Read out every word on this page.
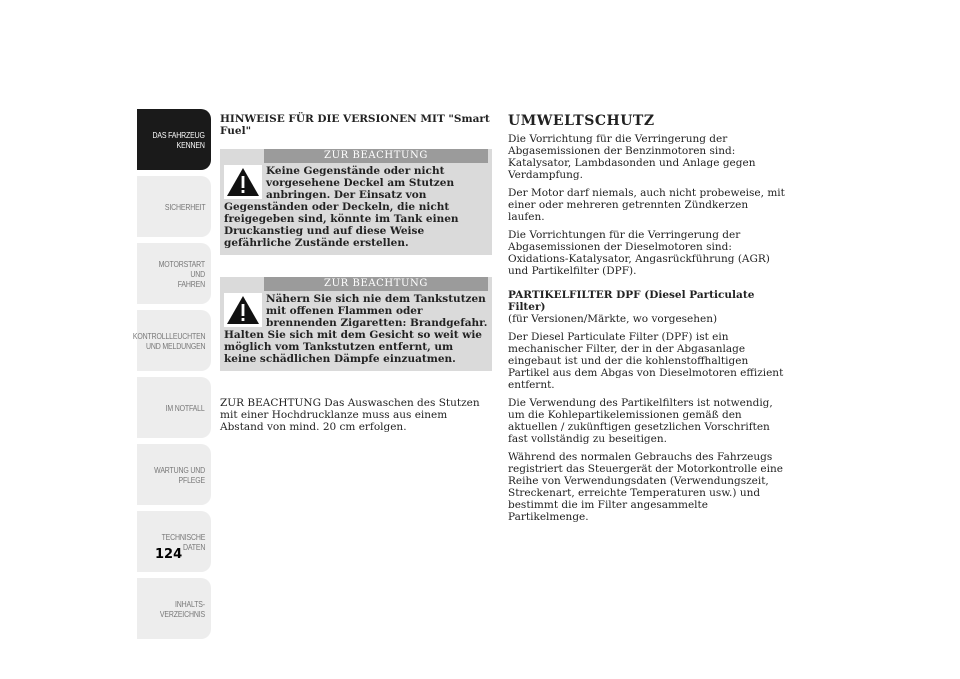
DAS FAHRZEUG
KENNEN
SICHERHEIT
MOTORSTART UND
FAHREN
KONTROLLLEUCHTEN
UND MELDUNGEN
IM NOTFALL
WARTUNG UND
PFLEGE
TECHNISCHE
DATEN
INHALTS-
VERZEICHNIS
124
HINWEISE FÜR DIE VERSIONEN MIT "Smart Fuel"
ZUR BEACHTUNG
Keine Gegenstände oder nicht vorgesehene Deckel am Stutzen anbringen. Der Einsatz von Gegenständen oder Deckeln, die nicht freigegeben sind, könnte im Tank einen Druckanstieg und auf diese Weise gefährliche Zustände erstellen.
ZUR BEACHTUNG
Nähern Sie sich nie dem Tankstutzen mit offenen Flammen oder brennenden Zigaretten: Brandgefahr. Halten Sie sich mit dem Gesicht so weit wie möglich vom Tankstutzen entfernt, um keine schädlichen Dämpfe einzuatmen.

ZUR BEACHTUNG Das Auswaschen des Stutzen mit einer Hochdrucklanze muss aus einem Abstand von mind. 20 cm erfolgen.

UMWELTSCHUTZ

Die Vorrichtung für die Verringerung der Abgasemissionen der Benzinmotoren sind: Katalysator, Lambdasonden und Anlage gegen Verdampfung.

Der Motor darf niemals, auch nicht probeweise, mit einer oder mehreren getrennten Zündkerzen laufen.

Die Vorrichtungen für die Verringerung der Abgasemissionen der Dieselmotoren sind: Oxidations-Katalysator, Angasrückführung (AGR) und Partikelfilter (DPF).

PARTIKELFILTER DPF (Diesel Particulate Filter)

(für Versionen/Märkte, wo vorgesehen)

Der Diesel Particulate Filter (DPF) ist ein mechanischer Filter, der in der Abgasanlage eingebaut ist und der die kohlenstoffhaltigen Partikel aus dem Abgas von Dieselmotoren effizient entfernt.

Die Verwendung des Partikelfilters ist notwendig, um die Kohlepartikelemissionen gemäß den aktuellen / zukünftigen gesetzlichen Vorschriften fast vollständig zu beseitigen.

Während des normalen Gebrauchs des Fahrzeugs registriert das Steuergerät der Motorkontrolle eine Reihe von Verwendungsdaten (Verwendungszeit, Streckenart, erreichte Temperaturen usw.) und bestimmt die im Filter angesammelte Partikelmenge.
